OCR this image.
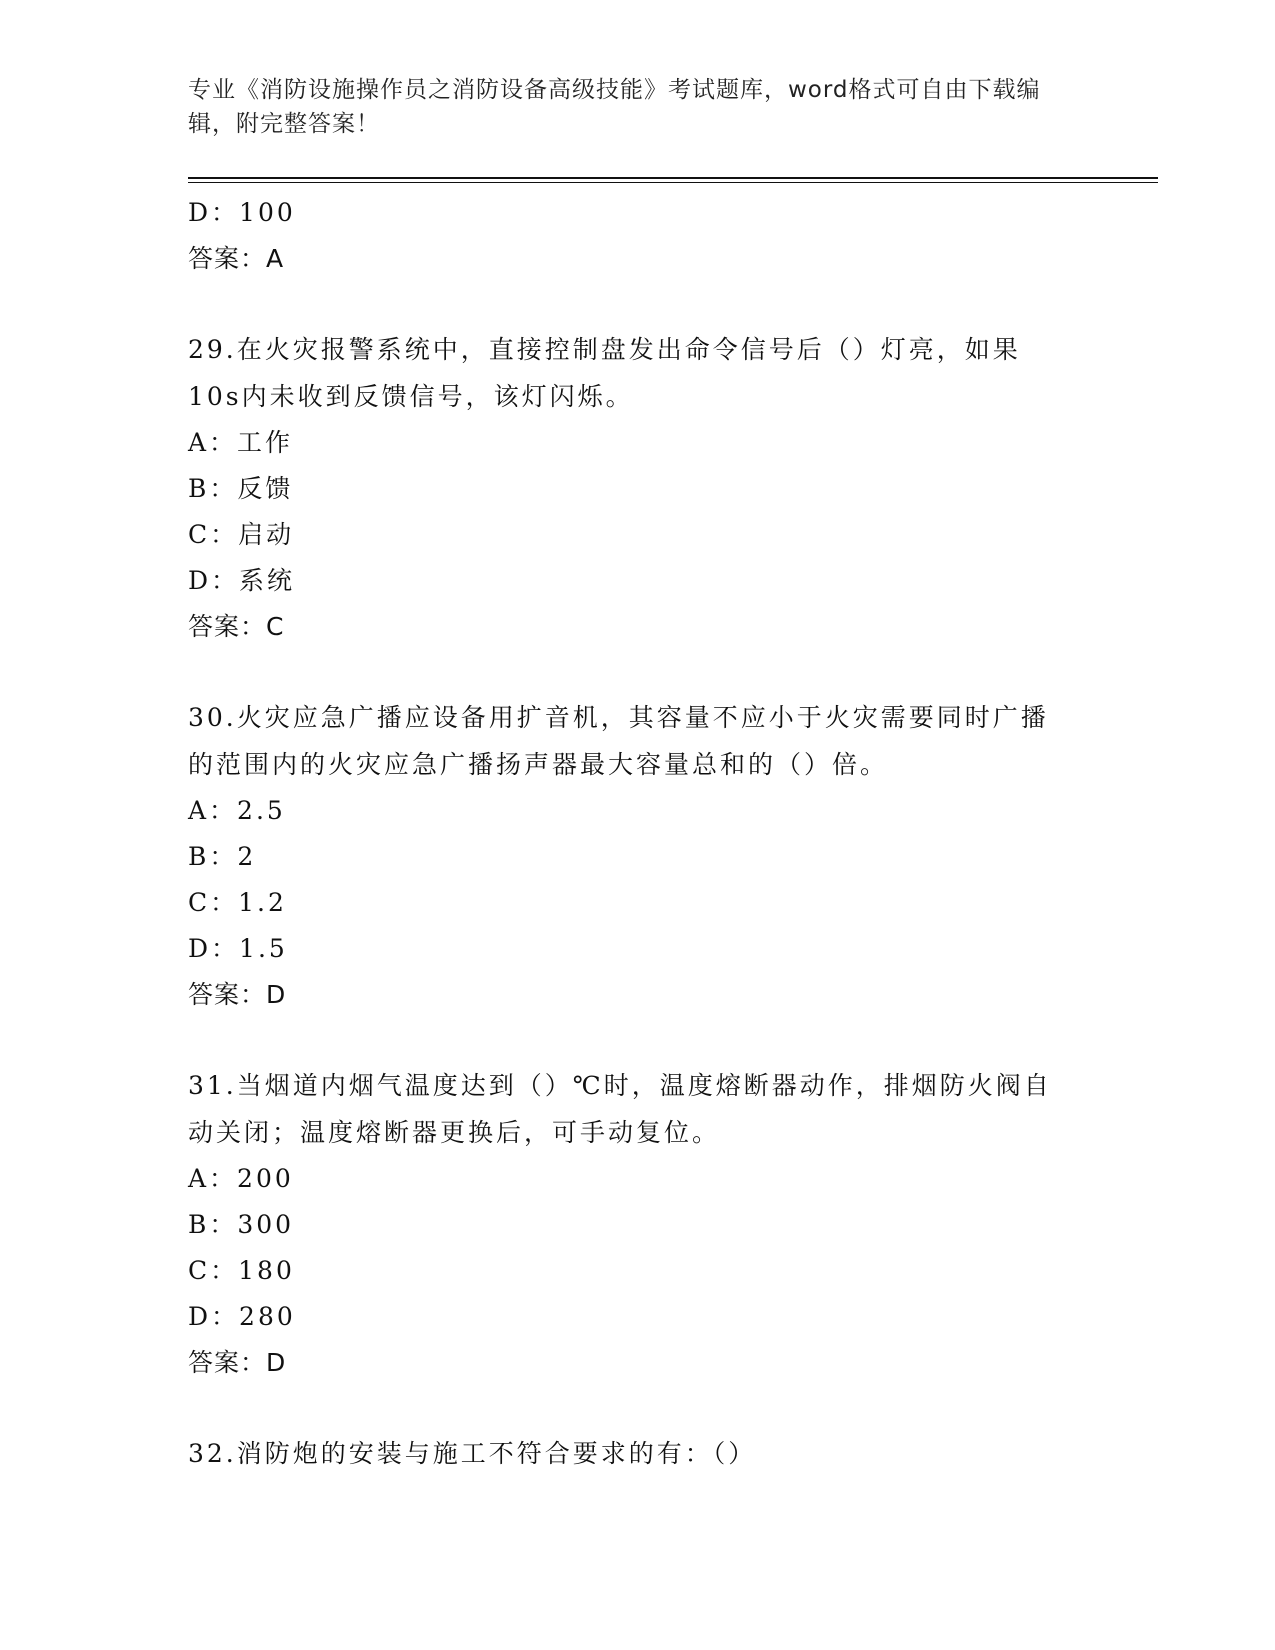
专业《消防设施操作员之消防设备高级技能》考试题库，word格式可自由下载编
辑，附完整答案！
D：100
答案：A
29.在火灾报警系统中，直接控制盘发出命令信号后（）灯亮，如果
10s内未收到反馈信号，该灯闪烁。
A：工作
B：反馈
C：启动
D：系统
答案：C
30.火灾应急广播应设备用扩音机，其容量不应小于火灾需要同时广播
的范围内的火灾应急广播扬声器最大容量总和的（）倍。
A：2.5
B：2
C：1.2
D：1.5
答案：D
31.当烟道内烟气温度达到（）℃时，温度熔断器动作，排烟防火阀自
动关闭；温度熔断器更换后，可手动复位。
A：200
B：300
C：180
D：280
答案：D
32.消防炮的安装与施工不符合要求的有：（）
